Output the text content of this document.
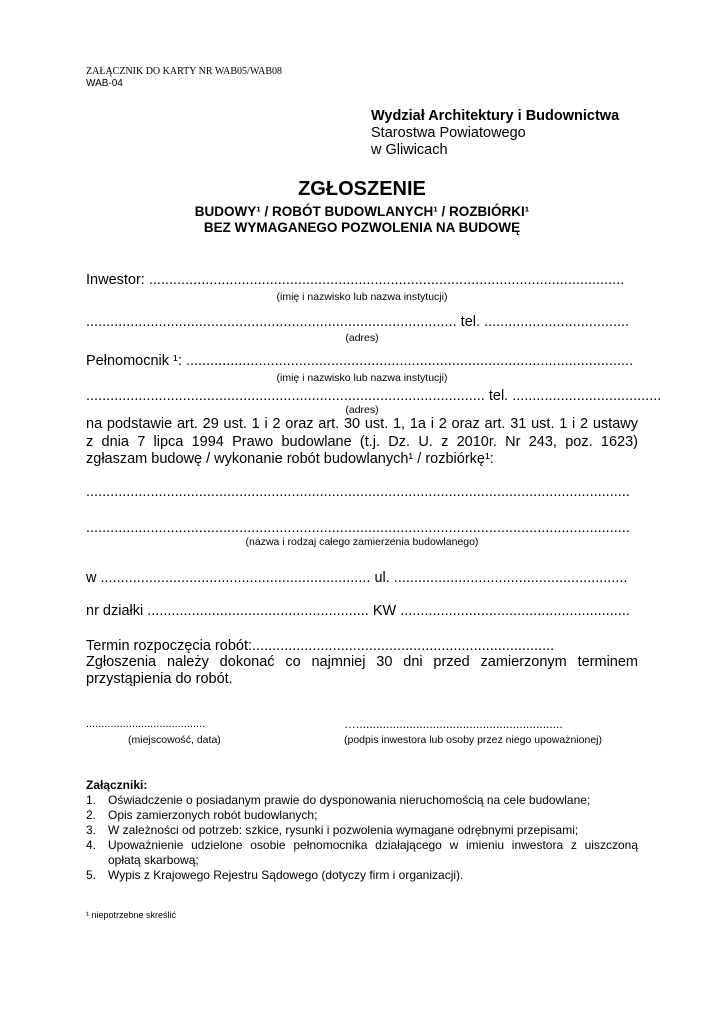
ZAŁĄCZNIK DO KARTY NR WAB05/WAB08
WAB-04
Wydział Architektury i Budownictwa
Starostwa Powiatowego
w Gliwicach
ZGŁOSZENIE
BUDOWY¹ / ROBÓT BUDOWLANYCH¹ / ROZBIÓRKI¹
BEZ WYMAGANEGO POZWOLENIA NA BUDOWĘ
Inwestor: ......................................................................................................................
(imię i nazwisko lub nazwa instytucji)
............................................................................................ tel. ....................................
(adres)
Pełnomocnik ¹: ...............................................................................................................
(imię i nazwisko lub nazwa instytucji)
................................................................................................... tel. .....................................
(adres)
na podstawie art. 29 ust. 1 i 2 oraz art. 30 ust. 1, 1a i 2 oraz art. 31 ust. 1 i 2 ustawy
z dnia 7 lipca 1994 Prawo budowlane (t.j. Dz. U. z 2010r. Nr 243, poz. 1623)
zgłaszam budowę / wykonanie robót budowlanych¹ / rozbiórkę¹:
.......................................................................................................................................
.......................................................................................................................................
(nazwa i rodzaj całego zamierzenia budowlanego)
w ................................................................... ul. ..........................................................
nr działki ....................................................... KW .........................................................
Termin rozpoczęcia robót:...........................................................................
Zgłoszenia należy dokonać co najmniej 30 dni przed zamierzonym terminem
przystąpienia do robót.
.......................................
(miejscowość, data)
…..............................................................
(podpis inwestora lub osoby przez niego upoważnionej)
Załączniki:
1. Oświadczenie o posiadanym prawie do dysponowania nieruchomością na cele budowlane;
2. Opis zamierzonych robót budowlanych;
3. W zależności od potrzeb: szkice, rysunki i pozwolenia wymagane odrębnymi przepisami;
4. Upoważnienie udzielone osobie pełnomocnika działającego w imieniu inwestora z uiszczoną
opłatą skarbową;
5. Wypis z Krajowego Rejestru Sądowego (dotyczy firm i organizacji).
¹ niepotrzebne skreślić
